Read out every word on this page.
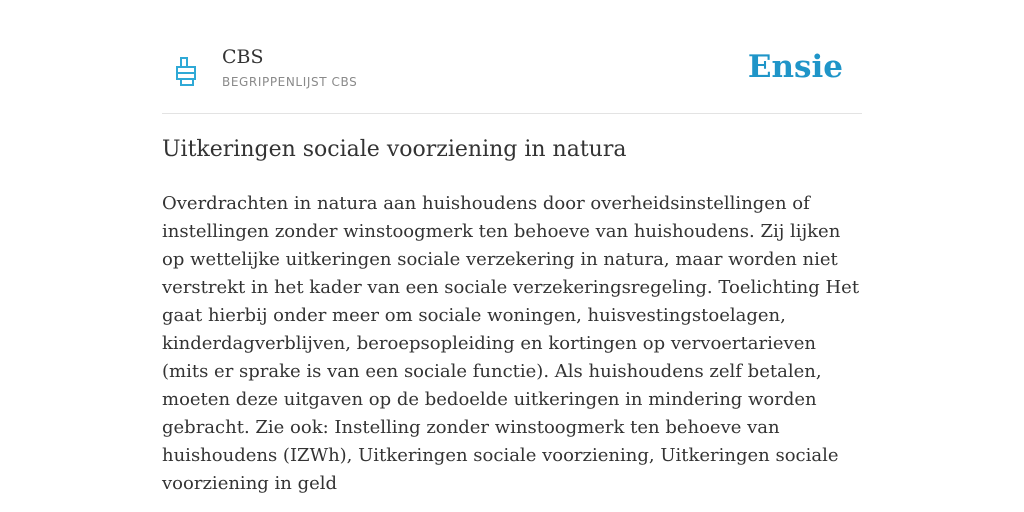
CBS
BEGRIPPENLIJST CBS	Ensie
Uitkeringen sociale voorziening in natura

Overdrachten in natura aan huishoudens door overheidsinstellingen of instellingen zonder winstoogmerk ten behoeve van huishoudens. Zij lijken op wettelijke uitkeringen sociale verzekering in natura, maar worden niet verstrekt in het kader van een sociale verzekeringsregeling. Toelichting Het gaat hierbij onder meer om sociale woningen, huisvestingstoelagen, kinderdagverblijven, beroepsopleiding en kortingen op vervoertarieven (mits er sprake is van een sociale functie). Als huishoudens zelf betalen, moeten deze uitgaven op de bedoelde uitkeringen in mindering worden gebracht. Zie ook: Instelling zonder winstoogmerk ten behoeve van huishoudens (IZWh), Uitkeringen sociale voorziening, Uitkeringen sociale voorziening in geld
